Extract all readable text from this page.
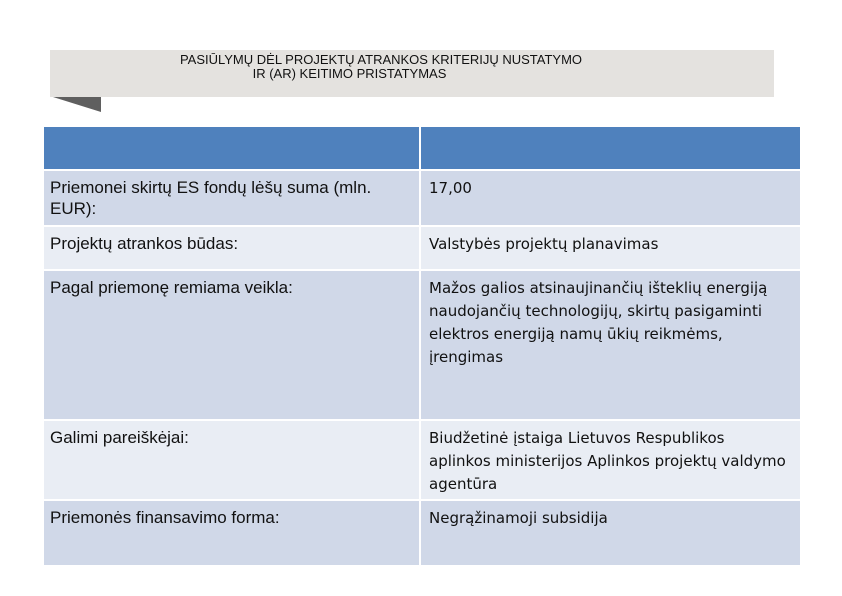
PASIŪLYMŲ DĖL PROJEKTŲ ATRANKOS KRITERIJŲ NUSTATYMO
IR (AR) KEITIMO PRISTATYMAS

Priemonei skirtų ES fondų lėšų suma (mln. EUR):	17,00

Projektų atrankos būdas:	Valstybės projektų planavimas

Pagal priemonę remiama veikla:	Mažos galios atsinaujinančių išteklių energiją naudojančių technologijų, skirtų pasigaminti elektros energiją namų ūkių reikmėms, įrengimas

Galimi pareiškėjai:	Biudžetinė įstaiga Lietuvos Respublikos aplinkos ministerijos Aplinkos projektų valdymo agentūra

Priemonės finansavimo forma:	Negrąžinamoji subsidija
